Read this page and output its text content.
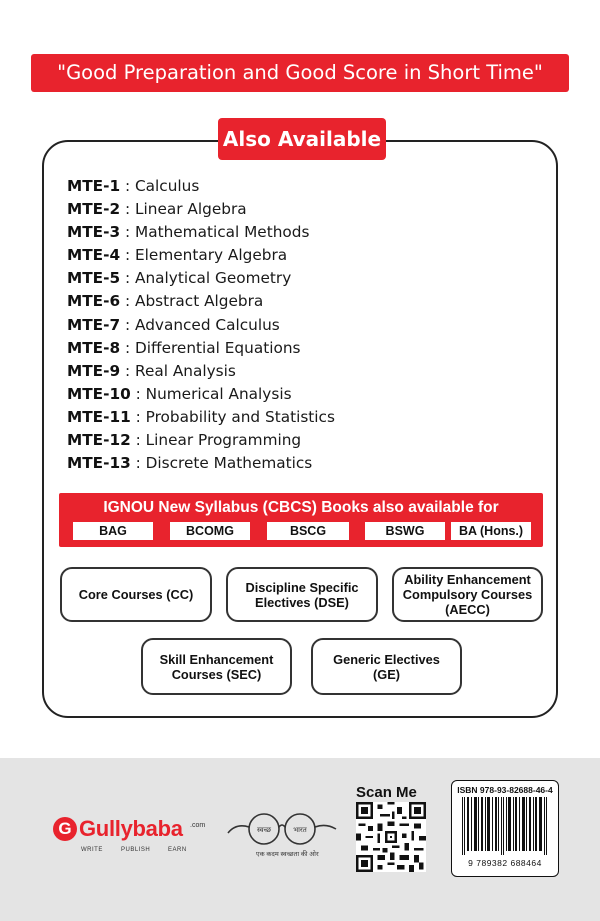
"Good Preparation and Good Score in Short Time"
Also Available
MTE-1 : Calculus
MTE-2 : Linear Algebra
MTE-3 : Mathematical Methods
MTE-4 : Elementary Algebra
MTE-5 : Analytical Geometry
MTE-6 : Abstract Algebra
MTE-7 : Advanced Calculus
MTE-8 : Differential Equations
MTE-9 : Real Analysis
MTE-10 : Numerical Analysis
MTE-11 : Probability and Statistics
MTE-12 : Linear Programming
MTE-13 : Discrete Mathematics
IGNOU New Syllabus (CBCS) Books also available for
BAG	BCOMG	BSCG	BSWG	BA (Hons.)
Core Courses (CC)	Discipline Specific
Electives (DSE)
Ability Enhancement
Compulsory Courses
(AECC)
Skill Enhancement
Courses (SEC)
Generic Electives
(GE)
G Gullybaba .com
WRITE	PUBLISH	EARN
स्वच्छ	भारत
एक कदम स्वच्छता की ओर
Scan Me	ISBN 978-93-82688-46-4
9 789382 688464
